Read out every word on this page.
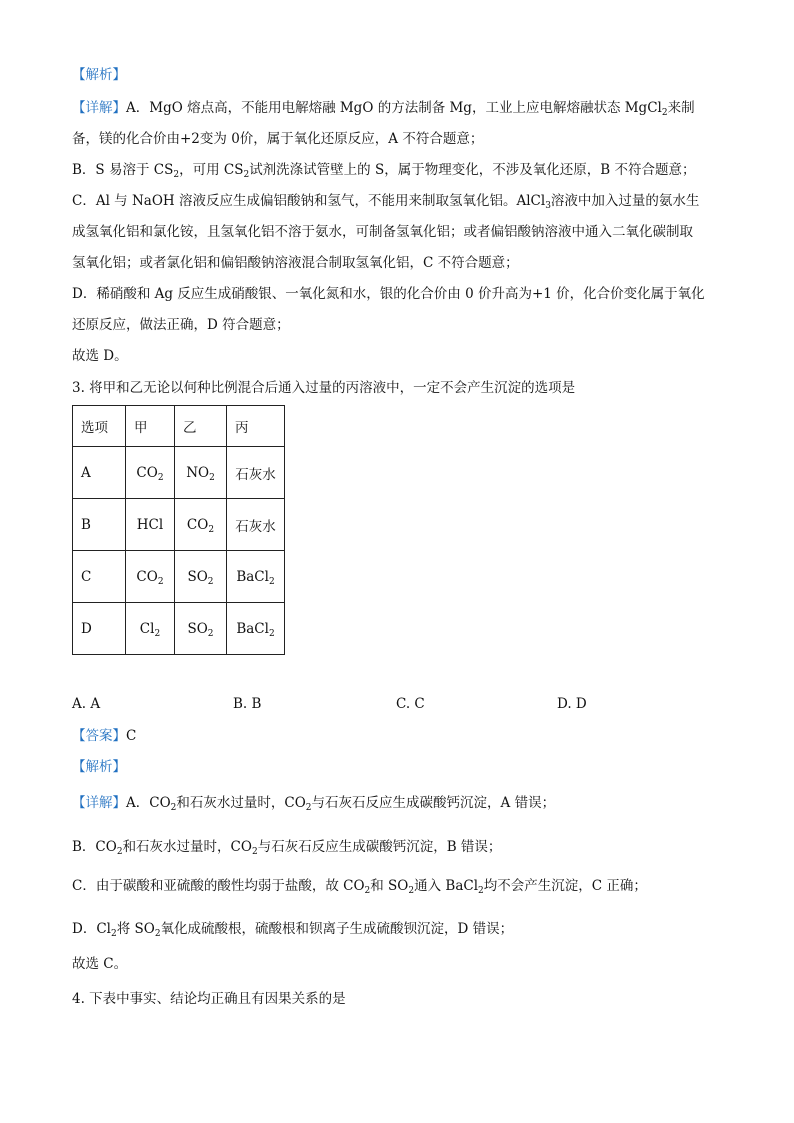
【解析】
【详解】A．MgO 熔点高，不能用电解熔融 MgO 的方法制备 Mg，工业上应电解熔融状态 MgCl$_2$来制
备，镁的化合价由+2变为 0价，属于氧化还原反应，A 不符合题意；
B．S 易溶于 $CS_2$，可用 $CS_2$试剂洗涤试管壁上的 S，属于物理变化，不涉及氧化还原，B 不符合题意；
C．Al 与 NaOH 溶液反应生成偏铝酸钠和氢气，不能用来制取氢氧化铝。AlCl$_3$溶液中加入过量的氨水生
成氢氧化铝和氯化铵，且氢氧化铝不溶于氨水，可制备氢氧化铝；或者偏铝酸钠溶液中通入二氧化碳制取
氢氧化铝；或者氯化铝和偏铝酸钠溶液混合制取氢氧化铝，C 不符合题意；
D．稀硝酸和 Ag 反应生成硝酸银、一氧化氮和水，银的化合价由 0 价升高为+1 价，化合价变化属于氧化
还原反应，做法正确，D 符合题意；
故选 D。
3. 将甲和乙无论以何种比例混合后通入过量的丙溶液中，一定不会产生沉淀的选项是
选项	甲	乙	丙
A	$CO_2$	$NO_2$	石灰水
B	HCl	$CO_2$	石灰水
C	$CO_2$	$SO_2$	BaCl$_2$
D	$Cl_2$	$SO_2$	BaCl$_2$
A. A	B. B	C. C	D. D
【答案】C
【解析】
【详解】A．$CO_2$和石灰水过量时，$CO_2$与石灰石反应生成碳酸钙沉淀，A 错误；
B．$CO_2$和石灰水过量时，$CO_2$与石灰石反应生成碳酸钙沉淀，B 错误；
C．由于碳酸和亚硫酸的酸性均弱于盐酸，故 $CO_2$和 $SO_2$通入 BaCl$_2$均不会产生沉淀，C 正确；
D．$Cl_2$将 $SO_2$氧化成硫酸根，硫酸根和钡离子生成硫酸钡沉淀，D 错误；
故选 C。
4. 下表中事实、结论均正确且有因果关系的是
